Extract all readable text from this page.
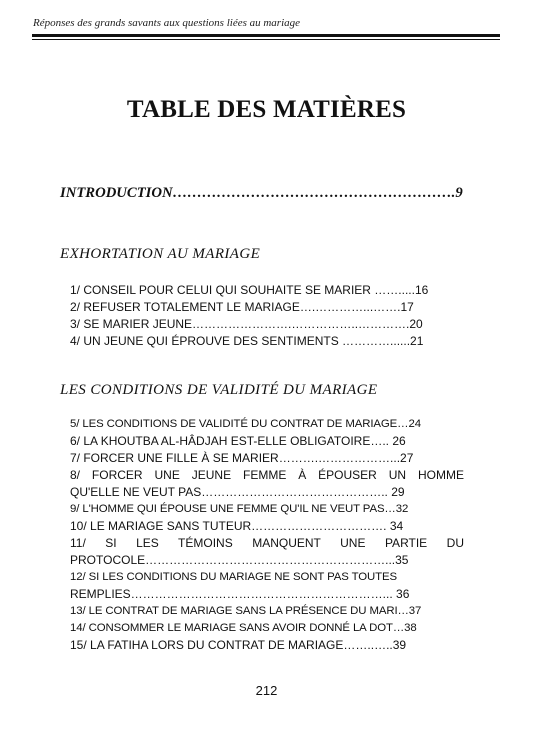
Réponses des grands savants aux questions liées au mariage
TABLE DES MATIÈRES
INTRODUCTION………………………………………………….9
EXHORTATION AU MARIAGE
1/ CONSEIL POUR CELUI QUI SOUHAITE SE MARIER …….....16
2/ REFUSER TOTALEMENT LE MARIAGE….…………...…….17
3/ SE MARIER JEUNE…………………….……………..………….20
4/ UN JEUNE QUI ÉPROUVE DES SENTIMENTS …………......21
LES CONDITIONS DE VALIDITÉ DU MARIAGE
5/ LES CONDITIONS DE VALIDITÉ DU CONTRAT DE MARIAGE…24
6/ LA KHOUTBA AL-HÂDJAH EST-ELLE OBLIGATOIRE….. 26
7/ FORCER UNE FILLE À SE MARIER……….………………...27
8/ FORCER UNE JEUNE FEMME À ÉPOUSER UN HOMME
QU'ELLE NE VEUT PAS……………………………………….. 29
9/ L'HOMME QUI ÉPOUSE UNE FEMME QU'IL NE VEUT PAS…32
10/ LE MARIAGE SANS TUTEUR……………………………. 34
11/ SI LES TÉMOINS MANQUENT UNE PARTIE DU
PROTOCOLE……………………………………………………...35
12/ SI LES CONDITIONS DU MARIAGE NE SONT PAS TOUTES
REMPLIES………………………………………………………... 36
13/ LE CONTRAT DE MARIAGE SANS LA PRÉSENCE DU MARI…37
14/ CONSOMMER LE MARIAGE SANS AVOIR DONNÉ LA DOT…38
15/ LA FATIHA LORS DU CONTRAT DE MARIAGE……..…..39
212
